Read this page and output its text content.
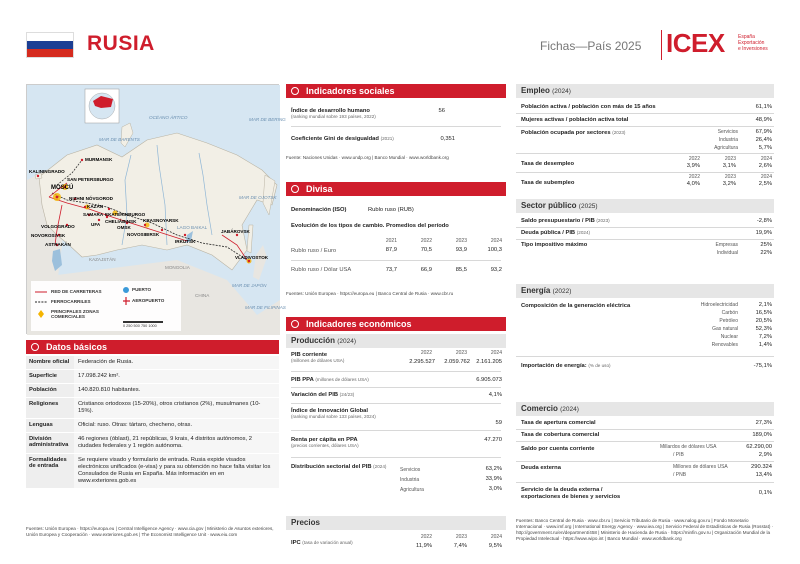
RUSIA	Fichas—País 2025 ICEX	España
Exportación
e Inversiones
OCÉANO ÁRTICO
MAR DE BARENTS
MAR DE BERING
MAR DE OJOTSK
MAR DE JAPÓN
MAR DE FILIPINAS
MURMANSK
KALININGRADO
SAN PETERSBURGO
MOSCÚ
NIZHNI NÓVGOROD
KAZÁN
SAMARA EKATERINBURGO
CHELIÁBINSK
VOLGOGRADO
NOVOROSIYSK
ASTRAKÁN
UFA
OMSK
NOVOSIBIRSK
KRASNOYARSK
IRKUTSK
JABÁROVSK
VLADIVOSTOK
LAGO BAIKAL
KAZAJSTÁN
MONGOLIA
CHINA
RED DE CARRETERAS
FERROCARRILES
PRINCIPALES ZONAS COMERCIALES
PUERTO
AEROPUERTO
0 250 500 750 1000
Datos básicos
Nombre oficial	Federación de Rusia.
Superficie	17.098.242 km².
Población	140.820.810 habitantes.
Religiones	Cristianos ortodoxos (15-20%), otros cristianos (2%), musulmanes (10-15%).
Lenguas	Oficial: ruso. Otras: tártaro, checheno, otras.
División administrativa
46 regiones (óblast), 21 repúblicas, 9 krais, 4 distritos autónomos, 2 ciudades federales y 1 región autónoma.
Formalidades de entrada
Se requiere visado y formulario de entrada. Rusia expide visados electrónicos unificados (e-visa) y para su obtención no hace falta visitar los Consulados de Rusia en España. Más información en en www.exteriores.gob.es
Fuentes: Unión Europea · https://europa.eu | Central Intelligence Agency · www.cia.gov | Ministerio de Asuntos exteriores, Unión Europea y Cooperación · www.exteriores.gob.es | The Economist Intelligence Unit · www.eiu.com
Indicadores sociales
Índice de desarrollo humano
(ranking mundial sobre 193 países, 2022)
56
Coeficiente Gini de desigualdad (2021)	0,351
Fuente: Naciones Unidas · www.undp.org | Banco Mundial · www.worldbank.org
Divisa
Denominación (ISO)	Rublo ruso (RUB)
Evolución de los tipos de cambio. Promedios del período
2021	2022	2023	2024
Rublo ruso / Euro	87,9	70,5	93,9	100,3
Rublo ruso / Dólar USA	73,7	66,9	85,5	93,2
Fuentes: Unión Europea · https://europa.eu | Banco Central de Rusia · www.cbr.ru
Indicadores económicos
Producción (2024)
2022	2023	2024
PIB corriente
(millones de dólares USA)	2.295.527	2.059.762	2.161.205
PIB PPA (millones de dólares USA)	6.905.073
Variación del PIB (24/23)	4,1%
Índice de Innovación Global
(ranking mundial sobre 133 países, 2024)
59
Renta per cápita en PPA
(precios corrientes, dólares USA)
47.270
Distribución sectorial del PIB (2024)
Servicios	63,2%
Industria	33,9%
Agricultura	3,0%
Precios
2022	2023	2024
IPC (tasa de variación anual)
11,9%	7,4%	9,5%
Empleo (2024)
Población activa / población con más de 15 años	61,1%
Mujeres activas / población activa total	48,9%
Población ocupada por sectores (2023)	Servicios	67,9%
Industria	26,4%
Agricultura	5,7%
2022	2023	2024
Tasa de desempleo	3,9%	3,1%	2,6%
2022	2023	2024
Tasa de subempleo	4,0%	3,2%	2,5%
Sector público (2025)
Saldo presupuestario / PIB (2023)	-2,8%
Deuda pública / PIB (2024)	19,9%
Tipo impositivo máximo	Empresas	25%
Individual	22%
Energía (2022)
Composición de la generación eléctrica	Hidroelectricidad	2,1%
Carbón	16,5%
Petróleo	20,5%
Gas natural	52,3%
Nuclear	7,2%
Renovables	1,4%
Importación de energía: (% de uso)	-75,1%
Comercio (2024)
Tasa de apertura comercial	27,3%
Tasa de cobertura comercial	189,0%
Saldo por cuenta corriente	Millardos de dólares USA	62.290,00
/ PIB	2,9%
Deuda externa	Millones de dólares USA	290.324
/ PNB	13,4%
Servicio de la deuda externa / exportaciones de bienes y servicios
0,1%
Fuentes: Banco Central de Rusia · www.cbr.ru | Servicio Tributario de Rusia · www.nalog.gov.ru | Fondo Monetario Internacional · www.imf.org | International Energy Agency · www.iea.org | Servicio Federal de Estadísticas de Rusia (Rosstat) · http://government.ru/en/department/458 | Ministerio de Hacienda de Rusia · https://minfin.gov.ru | Organización Mundial de la Propiedad Intelectual · https://www.wipo.int | Banco Mundial · www.worldbank.org
